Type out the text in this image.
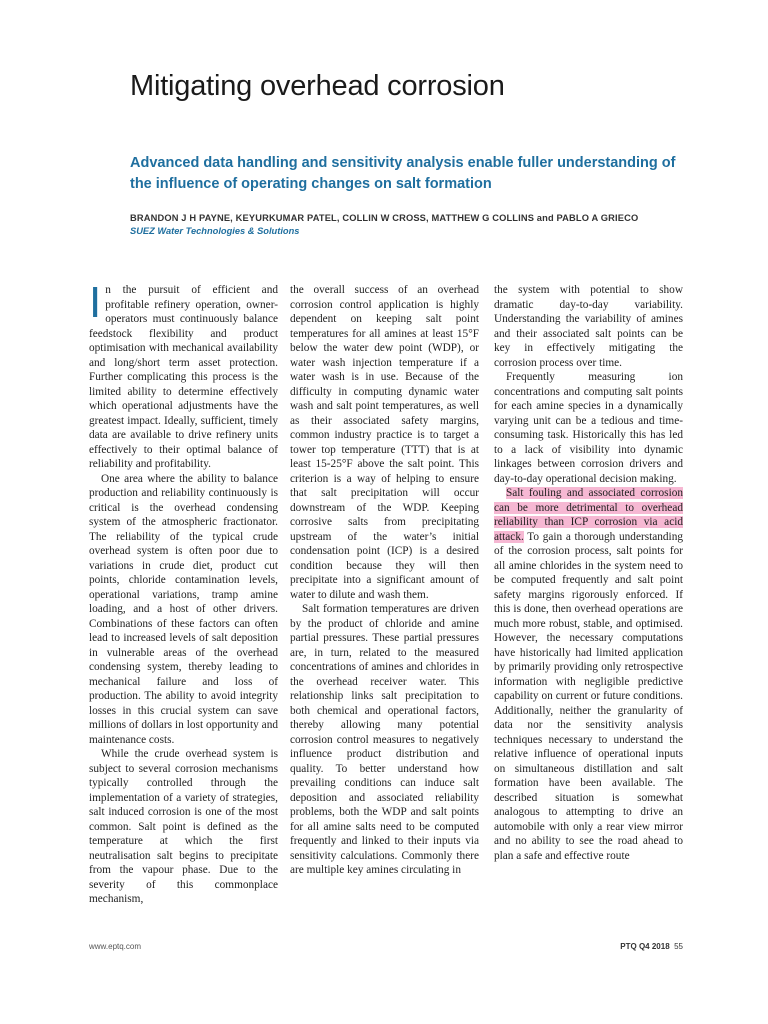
Mitigating overhead corrosion
Advanced data handling and sensitivity analysis enable fuller understanding of the influence of operating changes on salt formation
BRANDON J H PAYNE, KEYURKUMAR PATEL, COLLIN W CROSS, MATTHEW G COLLINS and PABLO A GRIECO
SUEZ Water Technologies & Solutions

In the pursuit of efficient and profitable refinery operation, owner-operators must continuously balance feedstock flexibility and product optimisation with mechanical availability and long/short term asset protection. Further complicating this process is the limited ability to determine effectively which operational adjustments have the greatest impact. Ideally, sufficient, timely data are available to drive refinery units effectively to their optimal balance of reliability and profitability.

One area where the ability to balance production and reliability continuously is critical is the overhead condensing system of the atmospheric fractionator. The reliability of the typical crude overhead system is often poor due to variations in crude diet, product cut points, chloride contamination levels, operational variations, tramp amine loading, and a host of other drivers. Combinations of these factors can often lead to increased levels of salt deposition in vulnerable areas of the overhead condensing system, thereby leading to mechanical failure and loss of production. The ability to avoid integrity losses in this crucial system can save millions of dollars in lost opportunity and maintenance costs.

While the crude overhead system is subject to several corrosion mechanisms typically controlled through the implementation of a variety of strategies, salt induced corrosion is one of the most common. Salt point is defined as the temperature at which the first neutralisation salt begins to precipitate from the vapour phase. Due to the severity of this commonplace mechanism,

the overall success of an overhead corrosion control application is highly dependent on keeping salt point temperatures for all amines at least 15°F below the water dew point (WDP), or water wash injection temperature if a water wash is in use. Because of the difficulty in computing dynamic water wash and salt point temperatures, as well as their associated safety margins, common industry practice is to target a tower top temperature (TTT) that is at least 15-25°F above the salt point. This criterion is a way of helping to ensure that salt precipitation will occur downstream of the WDP. Keeping corrosive salts from precipitating upstream of the water’s initial condensation point (ICP) is a desired condition because they will then precipitate into a significant amount of water to dilute and wash them.

Salt formation temperatures are driven by the product of chloride and amine partial pressures. These partial pressures are, in turn, related to the measured concentrations of amines and chlorides in the overhead receiver water. This relationship links salt precipitation to both chemical and operational factors, thereby allowing many potential corrosion control measures to negatively influence product distribution and quality. To better understand how prevailing conditions can induce salt deposition and associated reliability problems, both the WDP and salt points for all amine salts need to be computed frequently and linked to their inputs via sensitivity calculations. Commonly there are multiple key amines circulating in

the system with potential to show dramatic day-to-day variability. Understanding the variability of amines and their associated salt points can be key in effectively mitigating the corrosion process over time.

Frequently measuring ion concentrations and computing salt points for each amine species in a dynamically varying unit can be a tedious and time-consuming task. Historically this has led to a lack of visibility into dynamic linkages between corrosion drivers and day-to-day operational decision making.

Salt fouling and associated corrosion can be more detrimental to overhead reliability than ICP corrosion via acid attack. To gain a thorough understanding of the corrosion process, salt points for all amine chlorides in the system need to be computed frequently and salt point safety margins rigorously enforced. If this is done, then overhead operations are much more robust, stable, and optimised. However, the necessary computations have historically had limited application by primarily providing only retrospective information with negligible predictive capability on current or future conditions. Additionally, neither the granularity of data nor the sensitivity analysis techniques necessary to understand the relative influence of operational inputs on simultaneous distillation and salt formation have been available. The described situation is somewhat analogous to attempting to drive an automobile with only a rear view mirror and no ability to see the road ahead to plan a safe and effective route

www.eptq.com	PTQ Q4 2018 55
